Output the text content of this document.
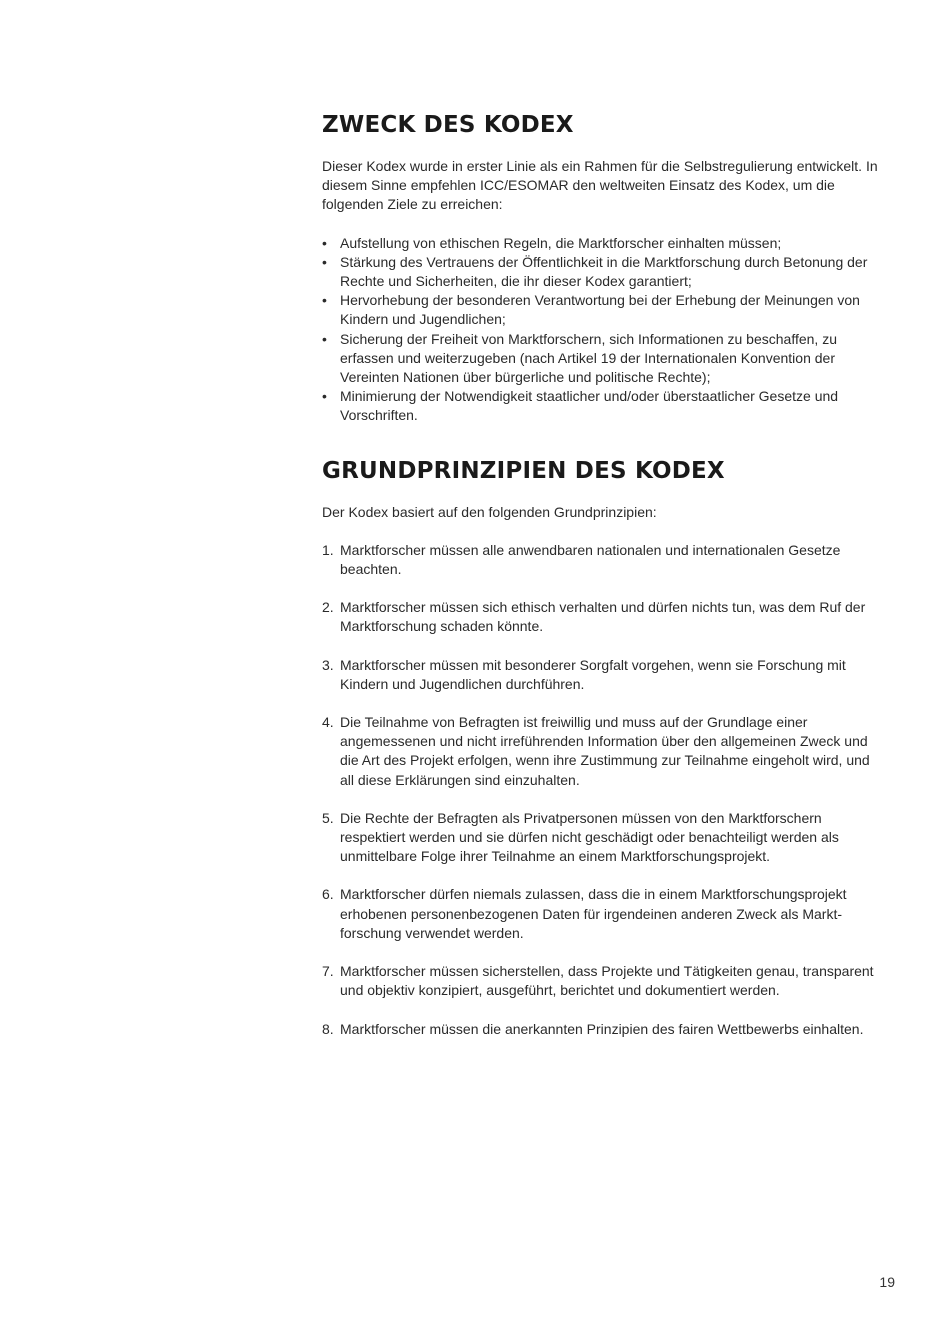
ZWECK DES KODEX

Dieser Kodex wurde in erster Linie als ein Rahmen für die Selbstregulierung entwickelt. In diesem Sinne empfehlen ICC/ESOMAR den weltweiten Einsatz des Kodex, um die folgenden Ziele zu erreichen:

• Aufstellung von ethischen Regeln, die Marktforscher einhalten müssen;
• Stärkung des Vertrauens der Öffentlichkeit in die Marktforschung durch Betonung der Rechte und Sicherheiten, die ihr dieser Kodex garantiert;
• Hervorhebung der besonderen Verantwortung bei der Erhebung der Meinungen von Kindern und Jugendlichen;
• Sicherung der Freiheit von Marktforschern, sich Informationen zu beschaffen, zu erfassen und weiterzugeben (nach Artikel 19 der Internationalen Konvention der Vereinten Nationen über bürgerliche und politische Rechte);
• Minimierung der Notwendigkeit staatlicher und/oder überstaatlicher Gesetze und Vorschriften.
GRUNDPRINZIPIEN DES KODEX

Der Kodex basiert auf den folgenden Grundprinzipien:

1. Marktforscher müssen alle anwendbaren nationalen und internationalen Gesetze beachten.
2. Marktforscher müssen sich ethisch verhalten und dürfen nichts tun, was dem Ruf der Marktforschung schaden könnte.
3. Marktforscher müssen mit besonderer Sorgfalt vorgehen, wenn sie Forschung mit Kindern und Jugendlichen durchführen.
4. Die Teilnahme von Befragten ist freiwillig und muss auf der Grundlage einer angemessenen und nicht irreführenden Information über den allgemeinen Zweck und die Art des Projekt erfolgen, wenn ihre Zustimmung zur Teilnahme eingeholt wird, und all diese Erklärungen sind einzuhalten.
5. Die Rechte der Befragten als Privatpersonen müssen von den Marktforschern respektiert werden und sie dürfen nicht geschädigt oder benachteiligt werden als unmittelbare Folge ihrer Teilnahme an einem Marktforschungsprojekt.
6. Marktforscher dürfen niemals zulassen, dass die in einem Marktforschungsprojekt erhobenen personenbezogenen Daten für irgendeinen anderen Zweck als Markt-forschung verwendet werden.
7. Marktforscher müssen sicherstellen, dass Projekte und Tätigkeiten genau, transparent und objektiv konzipiert, ausgeführt, berichtet und dokumentiert werden.
8. Marktforscher müssen die anerkannten Prinzipien des fairen Wettbewerbs einhalten.
19
